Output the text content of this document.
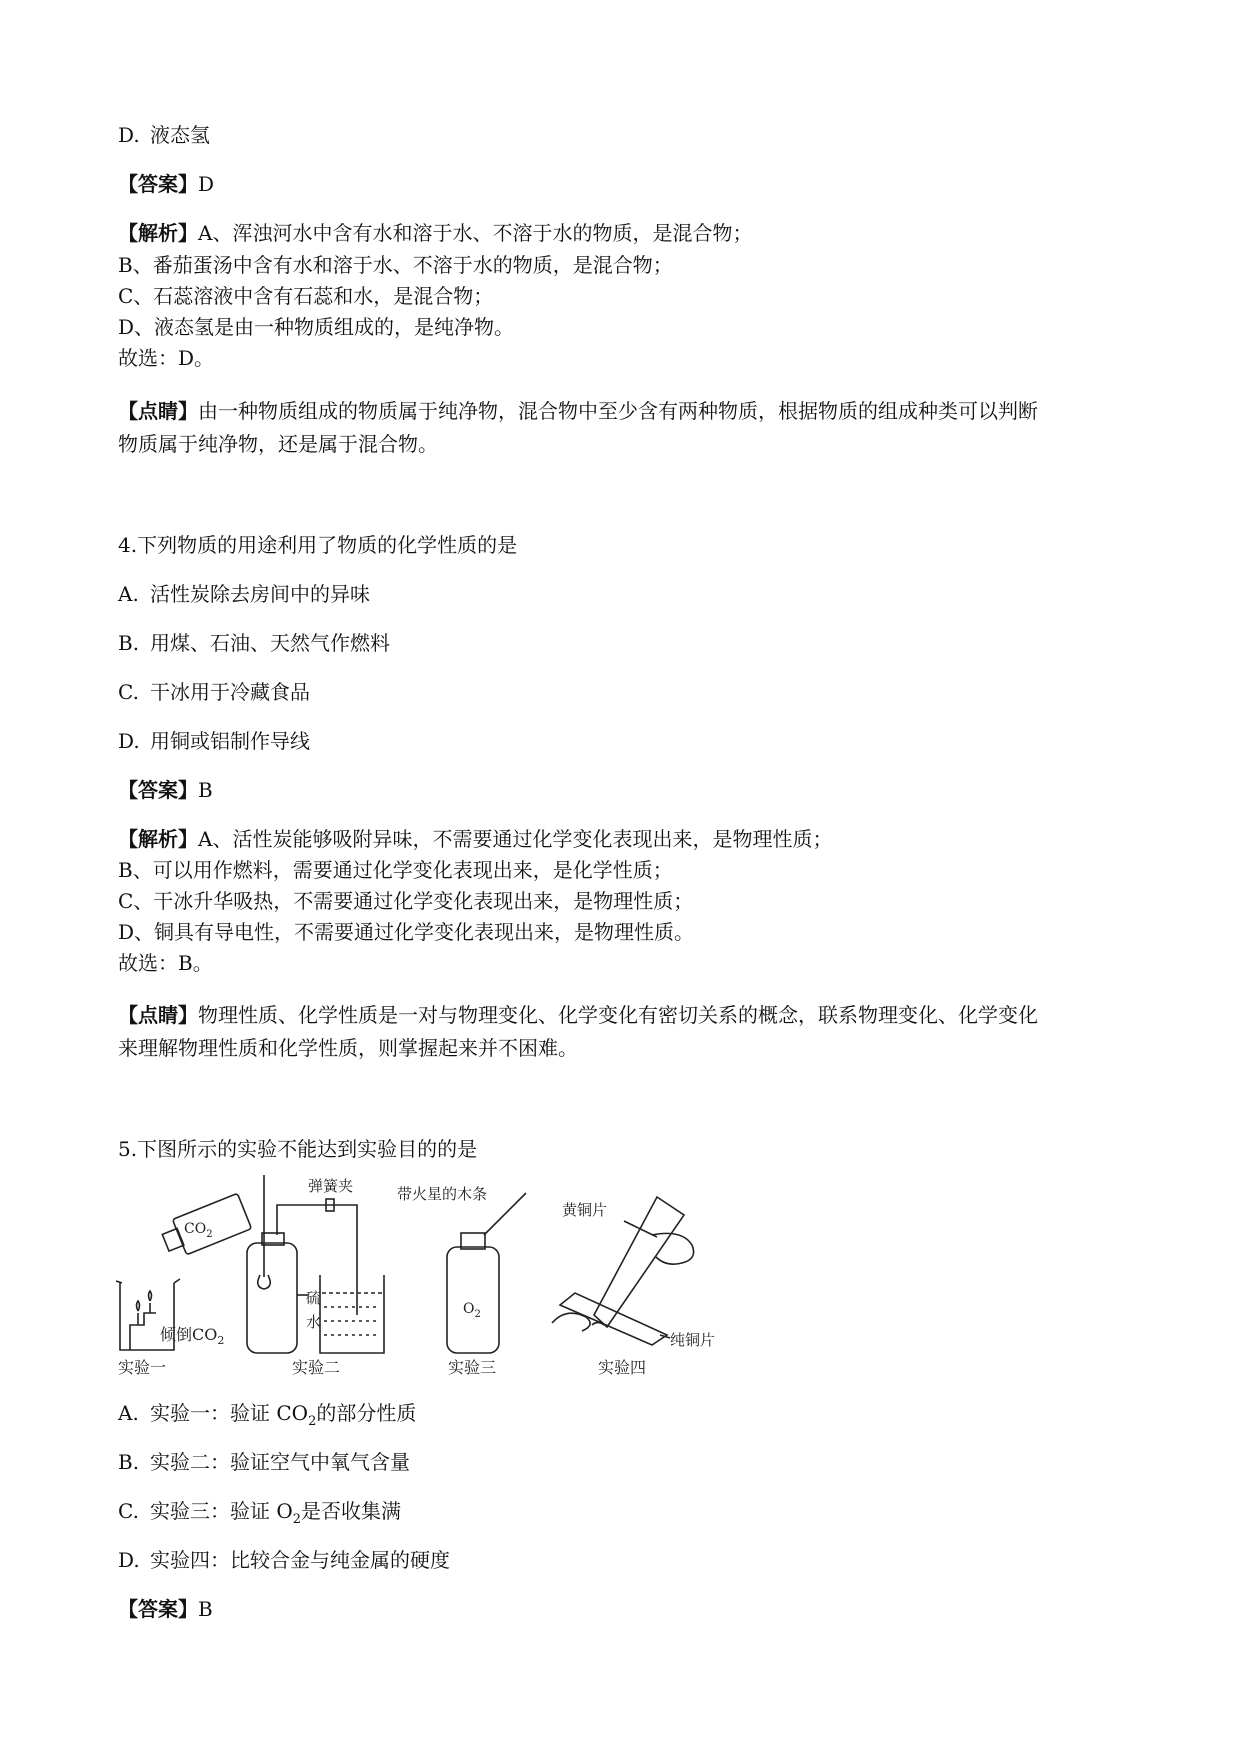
D. 液态氢
【答案】D
【解析】A、浑浊河水中含有水和溶于水、不溶于水的物质，是混合物；
B、番茄蛋汤中含有水和溶于水、不溶于水的物质，是混合物；
C、石蕊溶液中含有石蕊和水，是混合物；
D、液态氢是由一种物质组成的，是纯净物。
故选：D。
【点睛】由一种物质组成的物质属于纯净物，混合物中至少含有两种物质，根据物质的组成种类可以判断
物质属于纯净物，还是属于混合物。
4.下列物质的用途利用了物质的化学性质的是
A. 活性炭除去房间中的异味
B. 用煤、石油、天然气作燃料
C. 干冰用于冷藏食品
D. 用铜或铝制作导线
【答案】B
【解析】A、活性炭能够吸附异味，不需要通过化学变化表现出来，是物理性质；
B、可以用作燃料，需要通过化学变化表现出来，是化学性质；
C、干冰升华吸热，不需要通过化学变化表现出来，是物理性质；
D、铜具有导电性，不需要通过化学变化表现出来，是物理性质。
故选：B。
【点睛】物理性质、化学性质是一对与物理变化、化学变化有密切关系的概念，联系物理变化、化学变化
来理解物理性质和化学性质，则掌握起来并不困难。
5.下图所示的实验不能达到实验目的的是
$CO_2$
倾倒$CO_2$
实验一
弹簧夹
硫
水
实验二
带火星的木条
$O_2$
实验三
黄铜片
纯铜片
实验四
A. 实验一：验证 $CO_2$的部分性质
B. 实验二：验证空气中氧气含量
C. 实验三：验证 $O_2$是否收集满
D. 实验四：比较合金与纯金属的硬度
【答案】B
